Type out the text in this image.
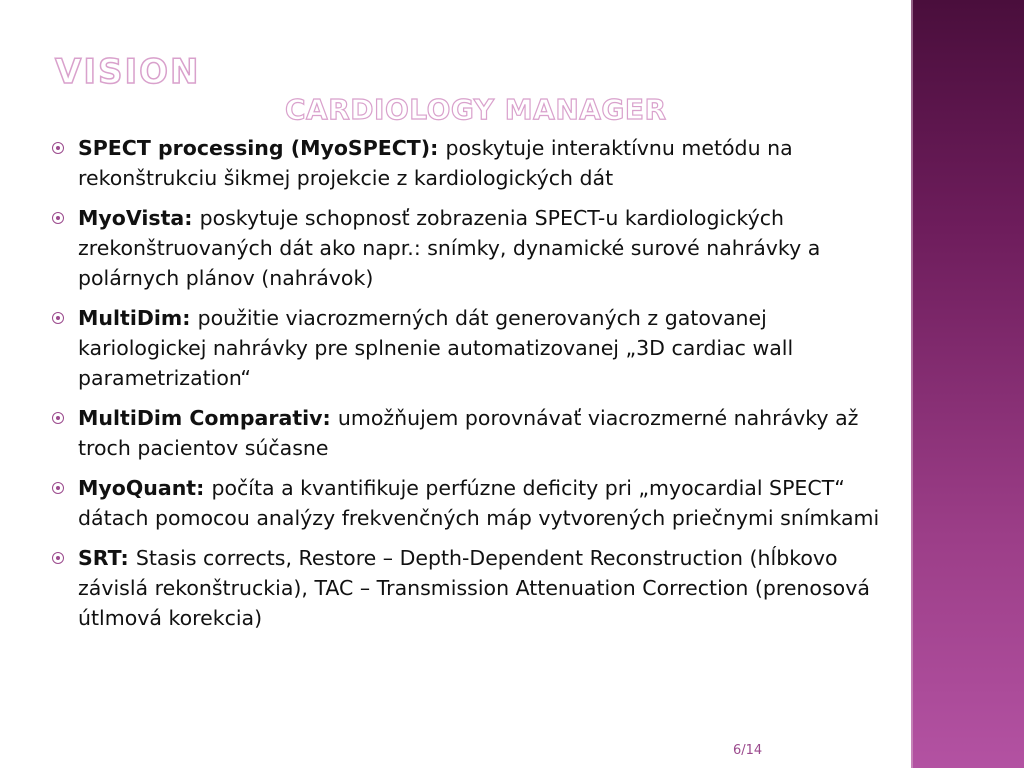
VISION
CARDIOLOGY MANAGER
SPECT processing (MyoSPECT): poskytuje interaktívnu metódu na rekonštrukciu šikmej projekcie z kardiologických dát
MyoVista: poskytuje schopnosť zobrazenia SPECT-u kardiologických zrekonštruovaných dát ako napr.: snímky, dynamické surové nahrávky a polárnych plánov (nahrávok)
MultiDim: použitie viacrozmerných dát generovaných z gatovanej kariologickej nahrávky pre splnenie automatizovanej „3D cardiac wall parametrization“
MultiDim Comparativ: umožňujem porovnávať viacrozmerné nahrávky až troch pacientov súčasne
MyoQuant: počíta a kvantifikuje perfúzne deficity pri „myocardial SPECT“ dátach pomocou analýzy frekvenčných máp vytvorených priečnymi snímkami
SRT: Stasis corrects, Restore – Depth-Dependent Reconstruction (hĺbkovo závislá rekonštruckia), TAC – Transmission Attenuation Correction (prenosová útlmová korekcia)
6/14
